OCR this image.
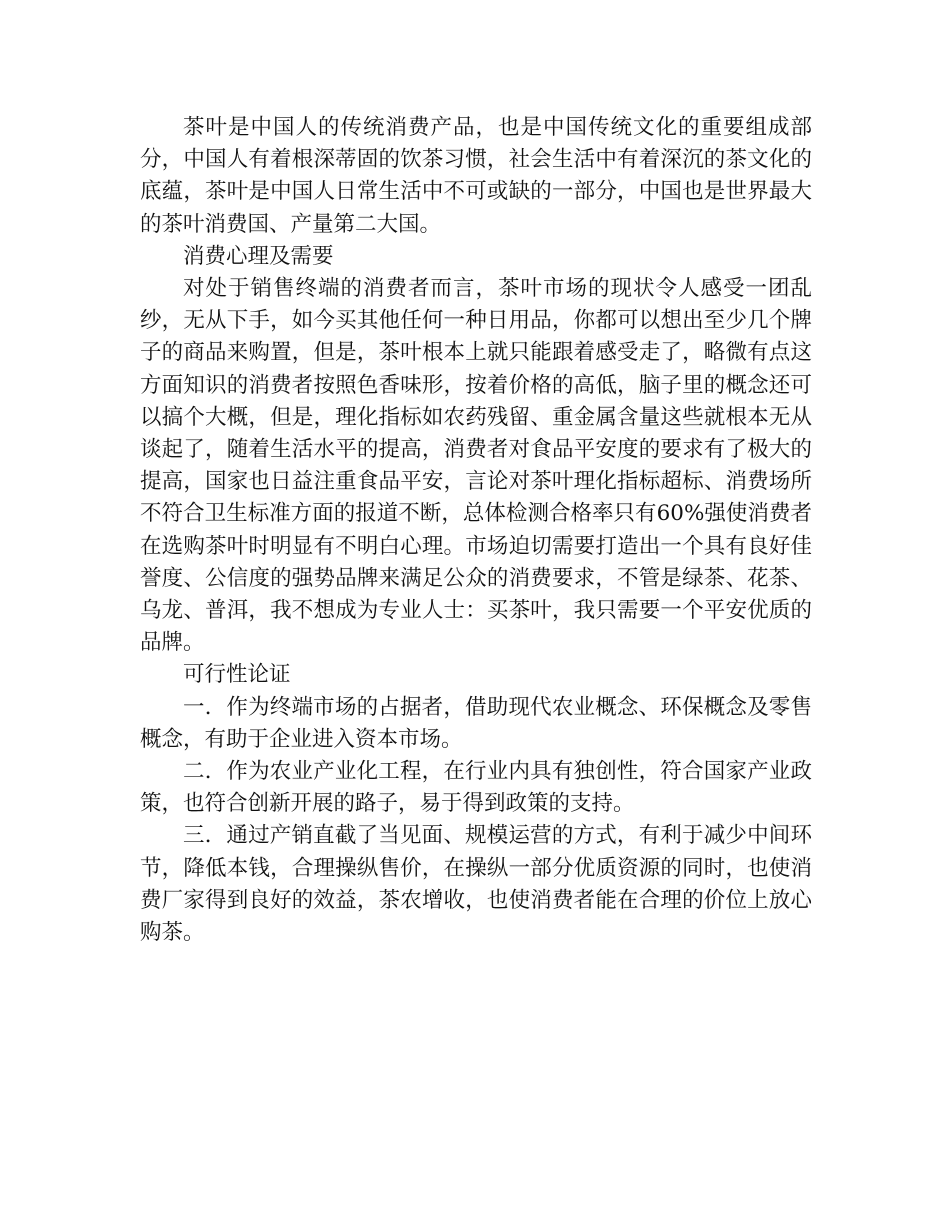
茶叶是中国人的传统消费产品，也是中国传统文化的重要组成部分，中国人有着根深蒂固的饮茶习惯，社会生活中有着深沉的茶文化的底蕴，茶叶是中国人日常生活中不可或缺的一部分，中国也是世界最大的茶叶消费国、产量第二大国。

消费心理及需要

对处于销售终端的消费者而言，茶叶市场的现状令人感受一团乱纱，无从下手，如今买其他任何一种日用品，你都可以想出至少几个牌子的商品来购置，但是，茶叶根本上就只能跟着感受走了，略微有点这方面知识的消费者按照色香味形，按着价格的高低，脑子里的概念还可以搞个大概，但是，理化指标如农药残留、重金属含量这些就根本无从谈起了，随着生活水平的提高，消费者对食品平安度的要求有了极大的提高，国家也日益注重食品平安，言论对茶叶理化指标超标、消费场所不符合卫生标准方面的报道不断，总体检测合格率只有60%强使消费者在选购茶叶时明显有不明白心理。市场迫切需要打造出一个具有良好佳誉度、公信度的强势品牌来满足公众的消费要求，不管是绿茶、花茶、乌龙、普洱，我不想成为专业人士：买茶叶，我只需要一个平安优质的品牌。

可行性论证

一．作为终端市场的占据者，借助现代农业概念、环保概念及零售概念，有助于企业进入资本市场。

二．作为农业产业化工程，在行业内具有独创性，符合国家产业政策，也符合创新开展的路子，易于得到政策的支持。

三．通过产销直截了当见面、规模运营的方式，有利于减少中间环节，降低本钱，合理操纵售价，在操纵一部分优质资源的同时，也使消费厂家得到良好的效益，茶农增收，也使消费者能在合理的价位上放心购茶。
